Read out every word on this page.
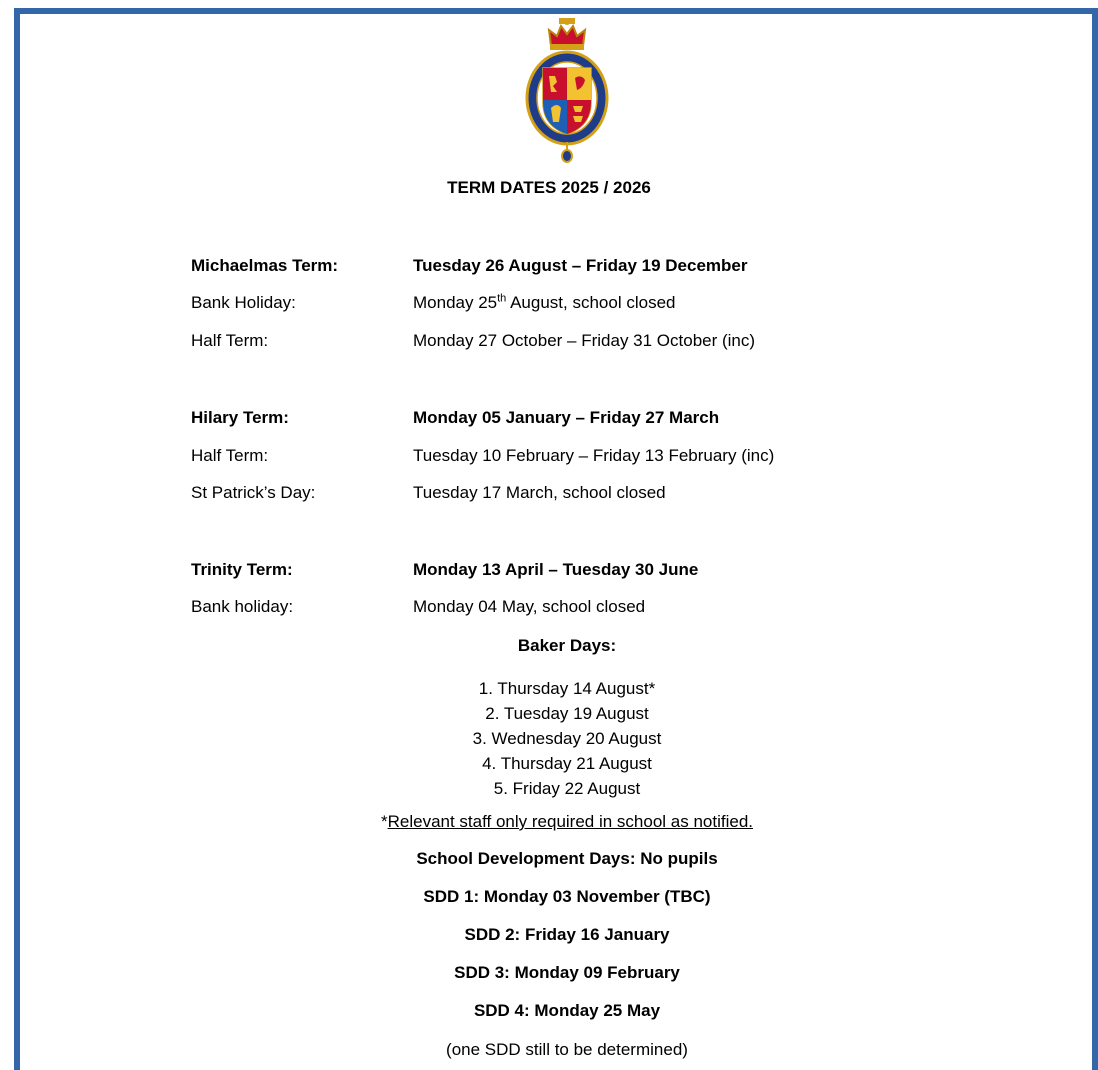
TERM DATES 2025 / 2026
Michaelmas Term:	Tuesday 26 August – Friday 19 December
Bank Holiday:	Monday 25th August, school closed
Half Term:	Monday 27 October – Friday 31 October (inc)
Hilary Term:	Monday 05 January – Friday 27 March
Half Term:	Tuesday 10 February – Friday 13 February (inc)
St Patrick’s Day:	Tuesday 17 March, school closed
Trinity Term:	Monday 13 April – Tuesday 30 June
Bank holiday:	Monday 04 May, school closed
Baker Days:
1. Thursday 14 August*
2. Tuesday 19 August
3. Wednesday 20 August
4. Thursday 21 August
5. Friday 22 August
*Relevant staff only required in school as notified.
School Development Days: No pupils
SDD 1: Monday 03 November (TBC)
SDD 2: Friday 16 January
SDD 3: Monday 09 February
SDD 4: Monday 25 May
(one SDD still to be determined)
